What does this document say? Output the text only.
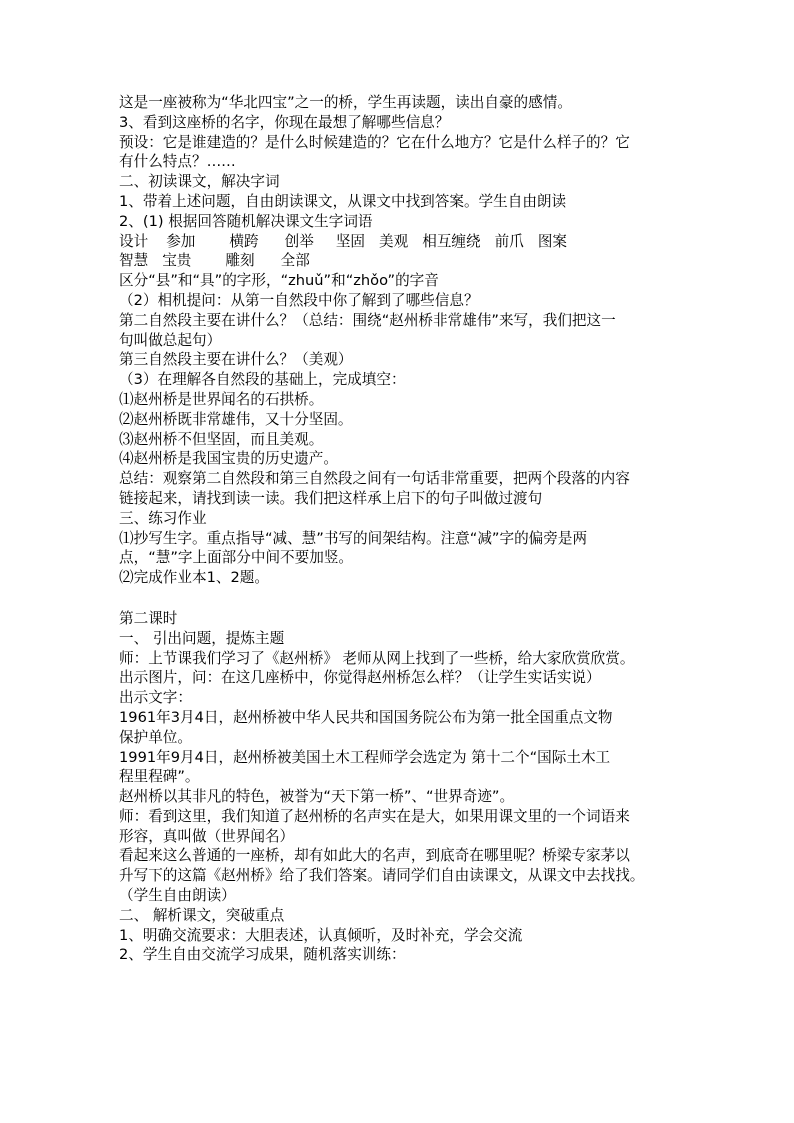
这是一座被称为“华北四宝”之一的桥，学生再读题，读出自豪的感情。
3、看到这座桥的名字，你现在最想了解哪些信息？
预设：它是谁建造的？是什么时候建造的？它在什么地方？它是什么样子的？它
有什么特点？……
二、初读课文，解决字词
1、带着上述问题，自由朗读课文，从课文中找到答案。学生自由朗读
2、(1) 根据回答随机解决课文生字词语
设计 参加 横跨 创举 坚固 美观 相互缠绕 前爪 图案
智慧 宝贵 雕刻 全部
区分“县”和“具”的字形，“zhuǔ”和“zhǒo”的字音
（2）相机提问：从第一自然段中你了解到了哪些信息？
第二自然段主要在讲什么？（总结：围绕“赵州桥非常雄伟”来写，我们把这一
句叫做总起句）
第三自然段主要在讲什么？（美观）
（3）在理解各自然段的基础上，完成填空：
⑴赵州桥是世界闻名的石拱桥。
⑵赵州桥既非常雄伟，又十分坚固。
⑶赵州桥不但坚固，而且美观。
⑷赵州桥是我国宝贵的历史遗产。
总结：观察第二自然段和第三自然段之间有一句话非常重要，把两个段落的内容
链接起来，请找到读一读。我们把这样承上启下的句子叫做过渡句
三、练习作业
⑴抄写生字。重点指导“减、慧”书写的间架结构。注意“减”字的偏旁是两
点，“慧”字上面部分中间不要加竖。
⑵完成作业本1、2题。
第二课时
一、 引出问题，提炼主题
师：上节课我们学习了《赵州桥》 老师从网上找到了一些桥，给大家欣赏欣赏。
出示图片，问：在这几座桥中，你觉得赵州桥怎么样？（让学生实话实说）
出示文字：
1961年3月4日，赵州桥被中华人民共和国国务院公布为第一批全国重点文物
保护单位。
1991年9月4日，赵州桥被美国土木工程师学会选定为 第十二个“国际土木工
程里程碑”。
赵州桥以其非凡的特色，被誉为“天下第一桥”、“世界奇迹”。
师：看到这里，我们知道了赵州桥的名声实在是大，如果用课文里的一个词语来
形容，真叫做（世界闻名）
看起来这么普通的一座桥，却有如此大的名声，到底奇在哪里呢？桥梁专家茅以
升写下的这篇《赵州桥》给了我们答案。请同学们自由读课文，从课文中去找找。
（学生自由朗读）
二、 解析课文，突破重点
1、明确交流要求：大胆表述，认真倾听，及时补充，学会交流
2、学生自由交流学习成果，随机落实训练：
